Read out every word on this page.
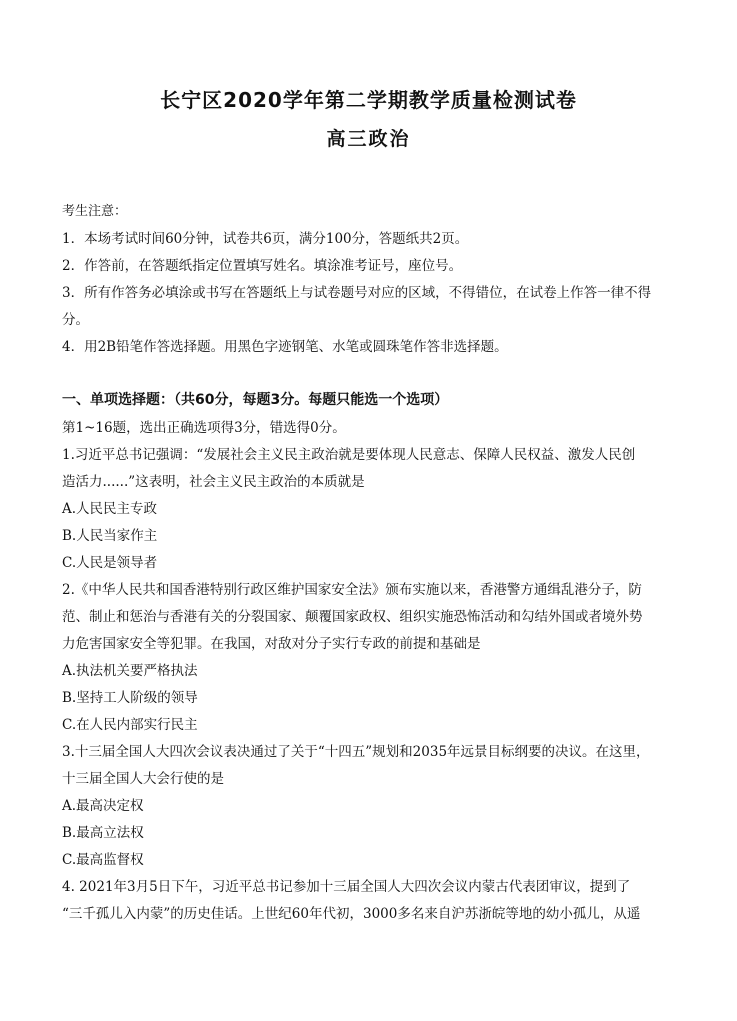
长宁区2020学年第二学期教学质量检测试卷
高三政治
考生注意：
1．本场考试时间60分钟，试卷共6页，满分100分，答题纸共2页。
2．作答前，在答题纸指定位置填写姓名。填涂准考证号，座位号。
3．所有作答务必填涂或书写在答题纸上与试卷题号对应的区域，不得错位，在试卷上作答一律不得
分。
4．用2B铅笔作答选择题。用黑色字迹钢笔、水笔或圆珠笔作答非选择题。
一、单项选择题：（共60分，每题3分。每题只能选一个选项）
第1~16题，选出正确选项得3分，错选得0分。
1.习近平总书记强调：“发展社会主义民主政治就是要体现人民意志、保障人民权益、激发人民创
造活力......”这表明，社会主义民主政治的本质就是
A.人民民主专政
B.人民当家作主
C.人民是领导者
2.《中华人民共和国香港特别行政区维护国家安全法》颁布实施以来，香港警方通缉乱港分子，防
范、制止和惩治与香港有关的分裂国家、颠覆国家政权、组织实施恐怖活动和勾结外国或者境外势
力危害国家安全等犯罪。在我国，对敌对分子实行专政的前提和基础是
A.执法机关要严格执法
B.坚持工人阶级的领导
C.在人民内部实行民主
3.十三届全国人大四次会议表决通过了关于“十四五”规划和2035年远景目标纲要的决议。在这里，
十三届全国人大会行使的是
A.最高决定权
B.最高立法权
C.最高监督权
4. 2021年3月5日下午，习近平总书记参加十三届全国人大四次会议内蒙古代表团审议，提到了
“三千孤儿入内蒙”的历史佳话。上世纪60年代初，3000多名来自沪苏浙皖等地的幼小孤儿，从遥
